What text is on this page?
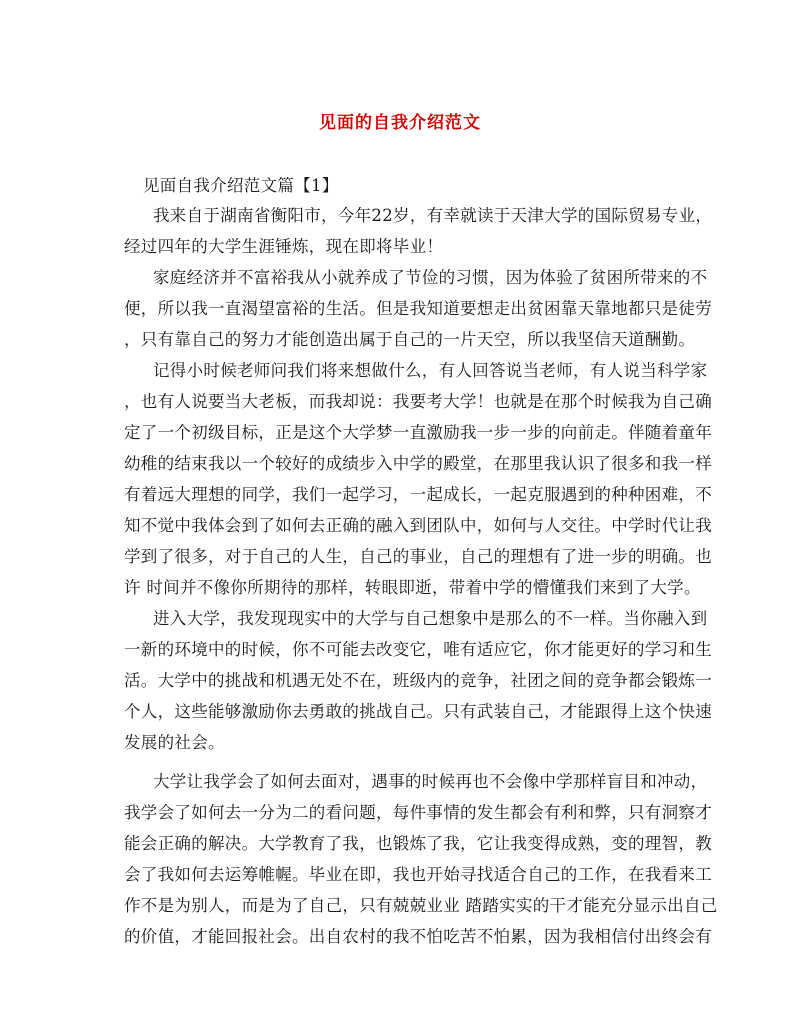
见面的自我介绍范文
见面自我介绍范文篇【1】
我来自于湖南省衡阳市，今年22岁，有幸就读于天津大学的国际贸易专业，
经过四年的大学生涯锤炼，现在即将毕业！
家庭经济并不富裕我从小就养成了节俭的习惯，因为体验了贫困所带来的不
便，所以我一直渴望富裕的生活。但是我知道要想走出贫困靠天靠地都只是徒劳
，只有靠自己的努力才能创造出属于自己的一片天空，所以我坚信天道酬勤。
记得小时候老师问我们将来想做什么，有人回答说当老师，有人说当科学家
，也有人说要当大老板，而我却说：我要考大学！也就是在那个时候我为自己确
定了一个初级目标，正是这个大学梦一直激励我一步一步的向前走。伴随着童年
幼稚的结束我以一个较好的成绩步入中学的殿堂，在那里我认识了很多和我一样
有着远大理想的同学，我们一起学习，一起成长，一起克服遇到的种种困难，不
知不觉中我体会到了如何去正确的融入到团队中，如何与人交往。中学时代让我
学到了很多，对于自己的人生，自己的事业，自己的理想有了进一步的明确。也
许 时间并不像你所期待的那样，转眼即逝，带着中学的懵懂我们来到了大学。
进入大学，我发现现实中的大学与自己想象中是那么的不一样。当你融入到
一新的环境中的时候，你不可能去改变它，唯有适应它，你才能更好的学习和生
活。大学中的挑战和机遇无处不在，班级内的竞争，社团之间的竞争都会锻炼一
个人，这些能够激励你去勇敢的挑战自己。只有武装自己，才能跟得上这个快速
发展的社会。
大学让我学会了如何去面对，遇事的时候再也不会像中学那样盲目和冲动，
我学会了如何去一分为二的看问题，每件事情的发生都会有利和弊，只有洞察才
能会正确的解决。大学教育了我，也锻炼了我，它让我变得成熟，变的理智，教
会了我如何去运筹帷幄。毕业在即，我也开始寻找适合自己的工作，在我看来工
作不是为别人，而是为了自己，只有兢兢业业 踏踏实实的干才能充分显示出自己
的价值，才能回报社会。出自农村的我不怕吃苦不怕累，因为我相信付出终会有
